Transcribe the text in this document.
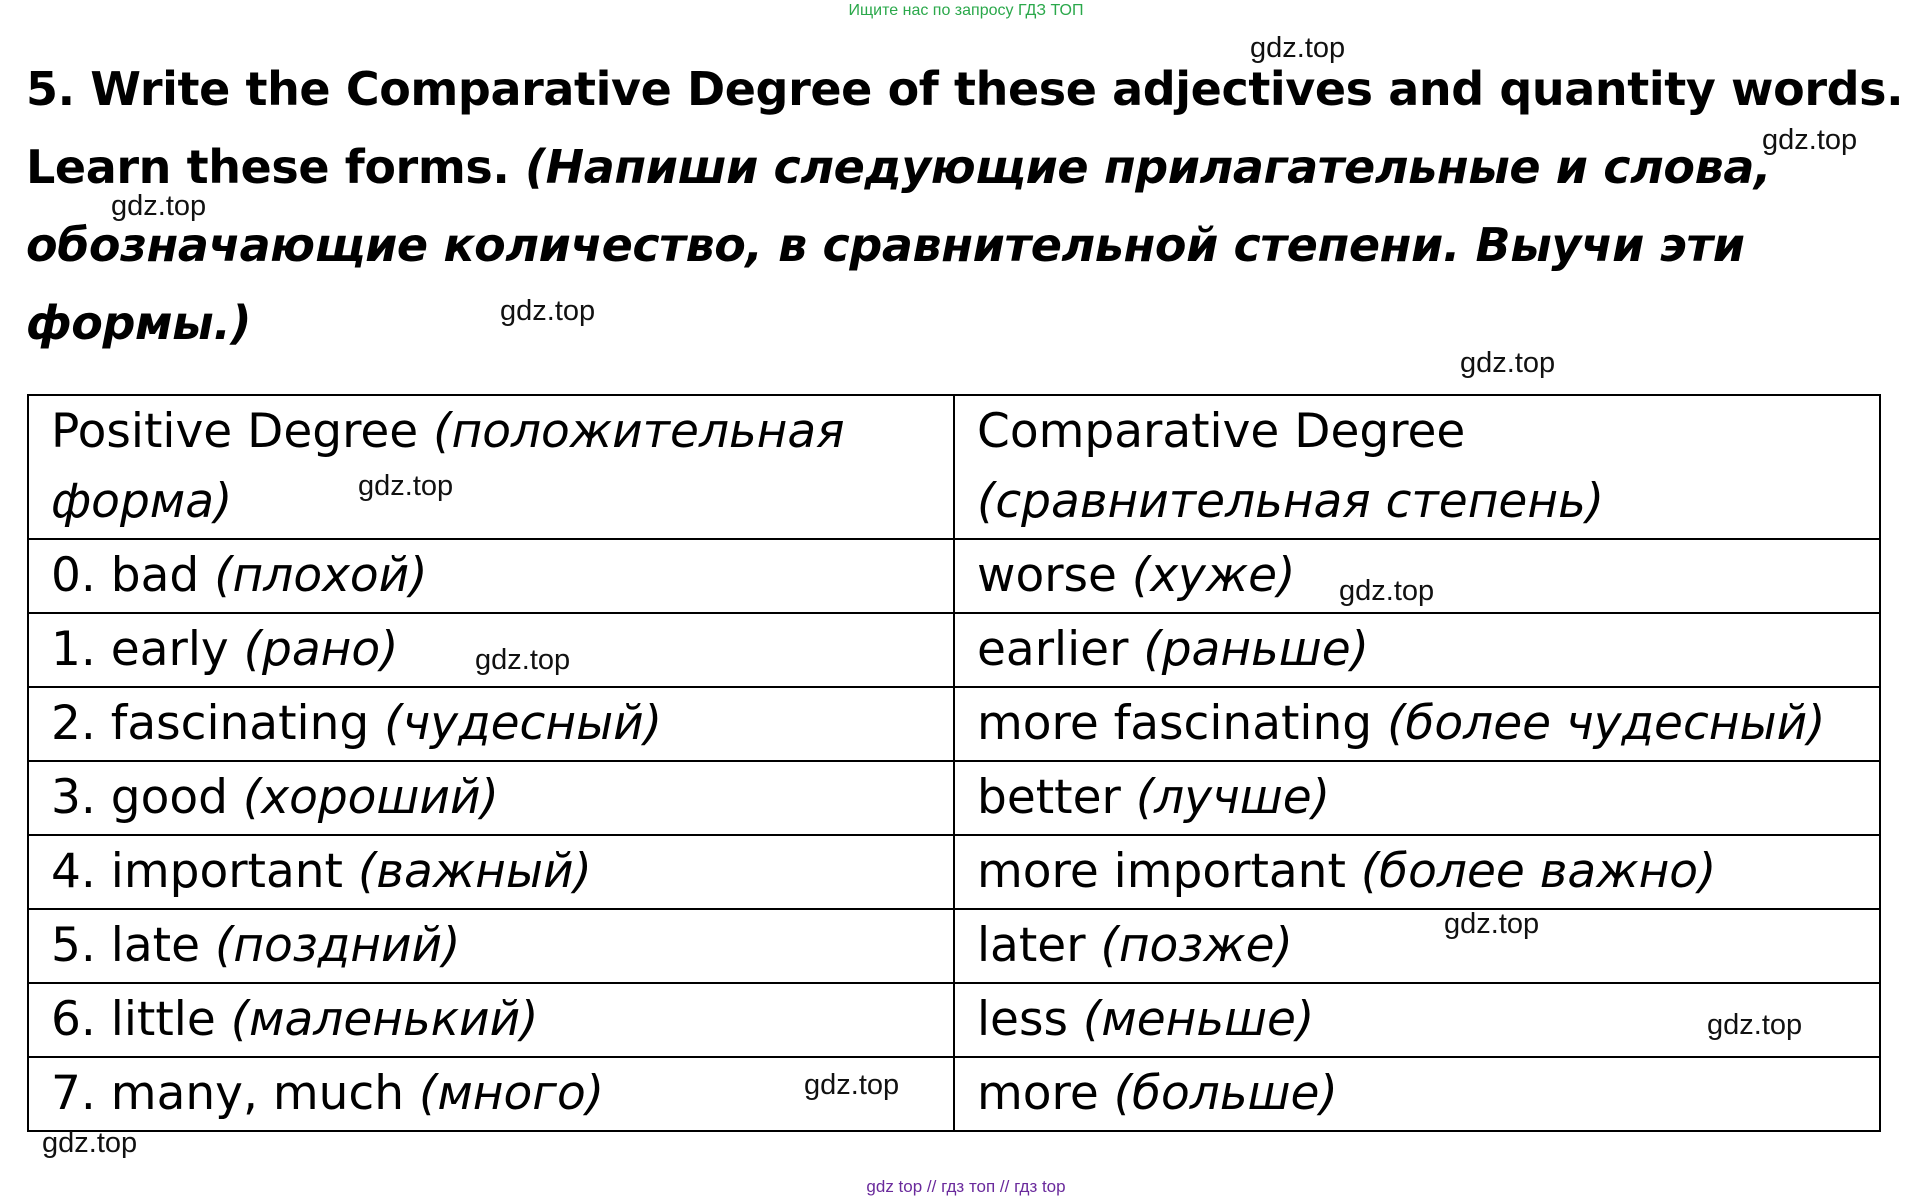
Ищите нас по запросу ГДЗ ТОП

5. Write the Comparative Degree of these adjectives and quantity words.
Learn these forms. (Напиши следующие прилагательные и слова,
обозначающие количество, в сравнительной степени. Выучи эти
формы.)

Positive Degree (положительная форма)	Comparative Degree
(сравнительная степень)
0. bad (плохой)	worse (хуже)
1. early (рано)	earlier (раньше)
2. fascinating (чудесный)	more fascinating (более чудесный)
3. good (хороший)	better (лучше)
4. important (важный)	more important (более важно)
5. late (поздний)	later (позже)
6. little (маленький)	less (меньше)
7. many, much (много)	more (больше)
gdz.top
gdz.top
gdz.top
gdz.top
gdz.top
gdz.top
gdz.top
gdz.top
gdz.top
gdz.top
gdz.top
gdz.top
gdz top // гдз топ // гдз top
